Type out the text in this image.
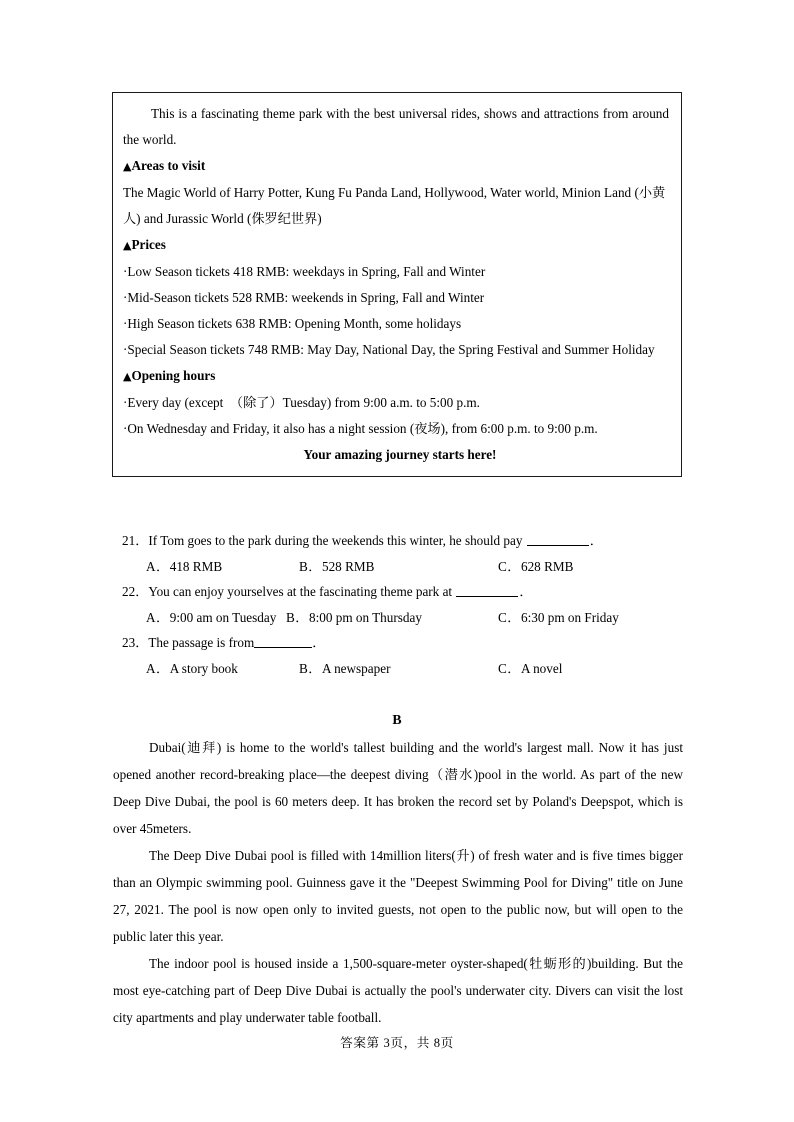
This is a fascinating theme park with the best universal rides, shows and attractions from around the world.

▲Areas to visit

The Magic World of Harry Potter, Kung Fu Panda Land, Hollywood, Water world, Minion Land (小黄人) and Jurassic World (侏罗纪世界)

▲Prices

·Low Season tickets 418 RMB: weekdays in Spring, Fall and Winter

·Mid-Season tickets 528 RMB: weekends in Spring, Fall and Winter

·High Season tickets 638 RMB: Opening Month, some holidays

·Special Season tickets 748 RMB: May Day, National Day, the Spring Festival and Summer Holiday

▲Opening hours

·Every day (except　（除了）Tuesday) from 9:00 a.m. to 5:00 p.m.

·On Wednesday and Friday, it also has a night session (夜场), from 6:00 p.m. to 9:00 p.m.

Your amazing journey starts here!

21．If Tom goes to the park during the weekends this winter, he should pay	．

A．418 RMB	B．528 RMB	C．628 RMB

22．You can enjoy yourselves at the fascinating theme park at	．

A．9:00 am on Tuesday B．8:00 pm on Thursday	C．6:30 pm on Friday

23．The passage is from	．

A．A story book	B．A newspaper	C．A novel
B

Dubai(迪拜) is home to the world's tallest building and the world's largest mall. Now it has just opened another record-breaking place—the deepest diving（潜水)pool in the world. As part of the new Deep Dive Dubai, the pool is 60 meters deep. It has broken the record set by Poland's Deepspot, which is over 45meters.

The Deep Dive Dubai pool is filled with 14million liters(升) of fresh water and is five times bigger than an Olympic swimming pool. Guinness gave it the "Deepest Swimming Pool for Diving" title on June 27, 2021. The pool is now open only to invited guests, not open to the public now, but will open to the public later this year.

The indoor pool is housed inside a 1,500-square-meter oyster-shaped(牡蛎形的)building. But the most eye-catching part of Deep Dive Dubai is actually the pool's underwater city. Divers can visit the lost city apartments and play underwater table football.

答案第 3页，共 8页
